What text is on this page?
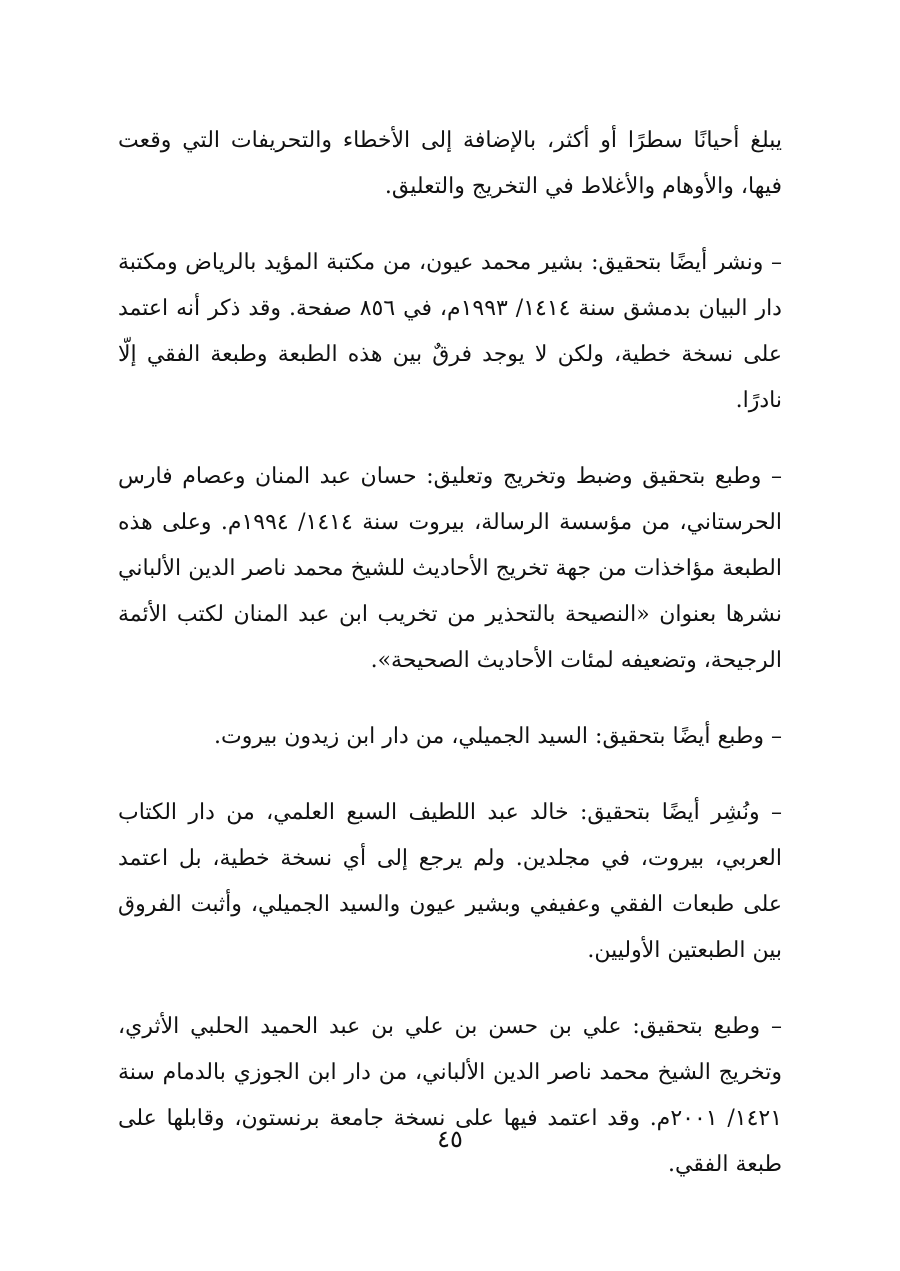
يبلغ أحيانًا سطرًا أو أكثر، بالإضافة إلى الأخطاء والتحريفات التي وقعت فيها، والأوهام والأغلاط في التخريج والتعليق.

– ونشر أيضًا بتحقيق: بشير محمد عيون، من مكتبة المؤيد بالرياض ومكتبة دار البيان بدمشق سنة ١٤١٤/ ١٩٩٣م، في ٨٥٦ صفحة. وقد ذكر أنه اعتمد على نسخة خطية، ولكن لا يوجد فرقٌ بين هذه الطبعة وطبعة الفقي إلّا نادرًا.

– وطبع بتحقيق وضبط وتخريج وتعليق: حسان عبد المنان وعصام فارس الحرستاني، من مؤسسة الرسالة، بيروت سنة ١٤١٤/ ١٩٩٤م. وعلى هذه الطبعة مؤاخذات من جهة تخريج الأحاديث للشيخ محمد ناصر الدين الألباني نشرها بعنوان «النصيحة بالتحذير من تخريب ابن عبد المنان لكتب الأئمة الرجيحة، وتضعيفه لمئات الأحاديث الصحيحة».

– وطبع أيضًا بتحقيق: السيد الجميلي، من دار ابن زيدون بيروت.

– ونُشِر أيضًا بتحقيق: خالد عبد اللطيف السبع العلمي، من دار الكتاب العربي، بيروت، في مجلدين. ولم يرجع إلى أي نسخة خطية، بل اعتمد على طبعات الفقي وعفيفي وبشير عيون والسيد الجميلي، وأثبت الفروق بين الطبعتين الأوليين.

– وطبع بتحقيق: علي بن حسن بن علي بن عبد الحميد الحلبي الأثري، وتخريج الشيخ محمد ناصر الدين الألباني، من دار ابن الجوزي بالدمام سنة ١٤٢١/ ٢٠٠١م. وقد اعتمد فيها على نسخة جامعة برنستون، وقابلها على طبعة الفقي.

٤٥
